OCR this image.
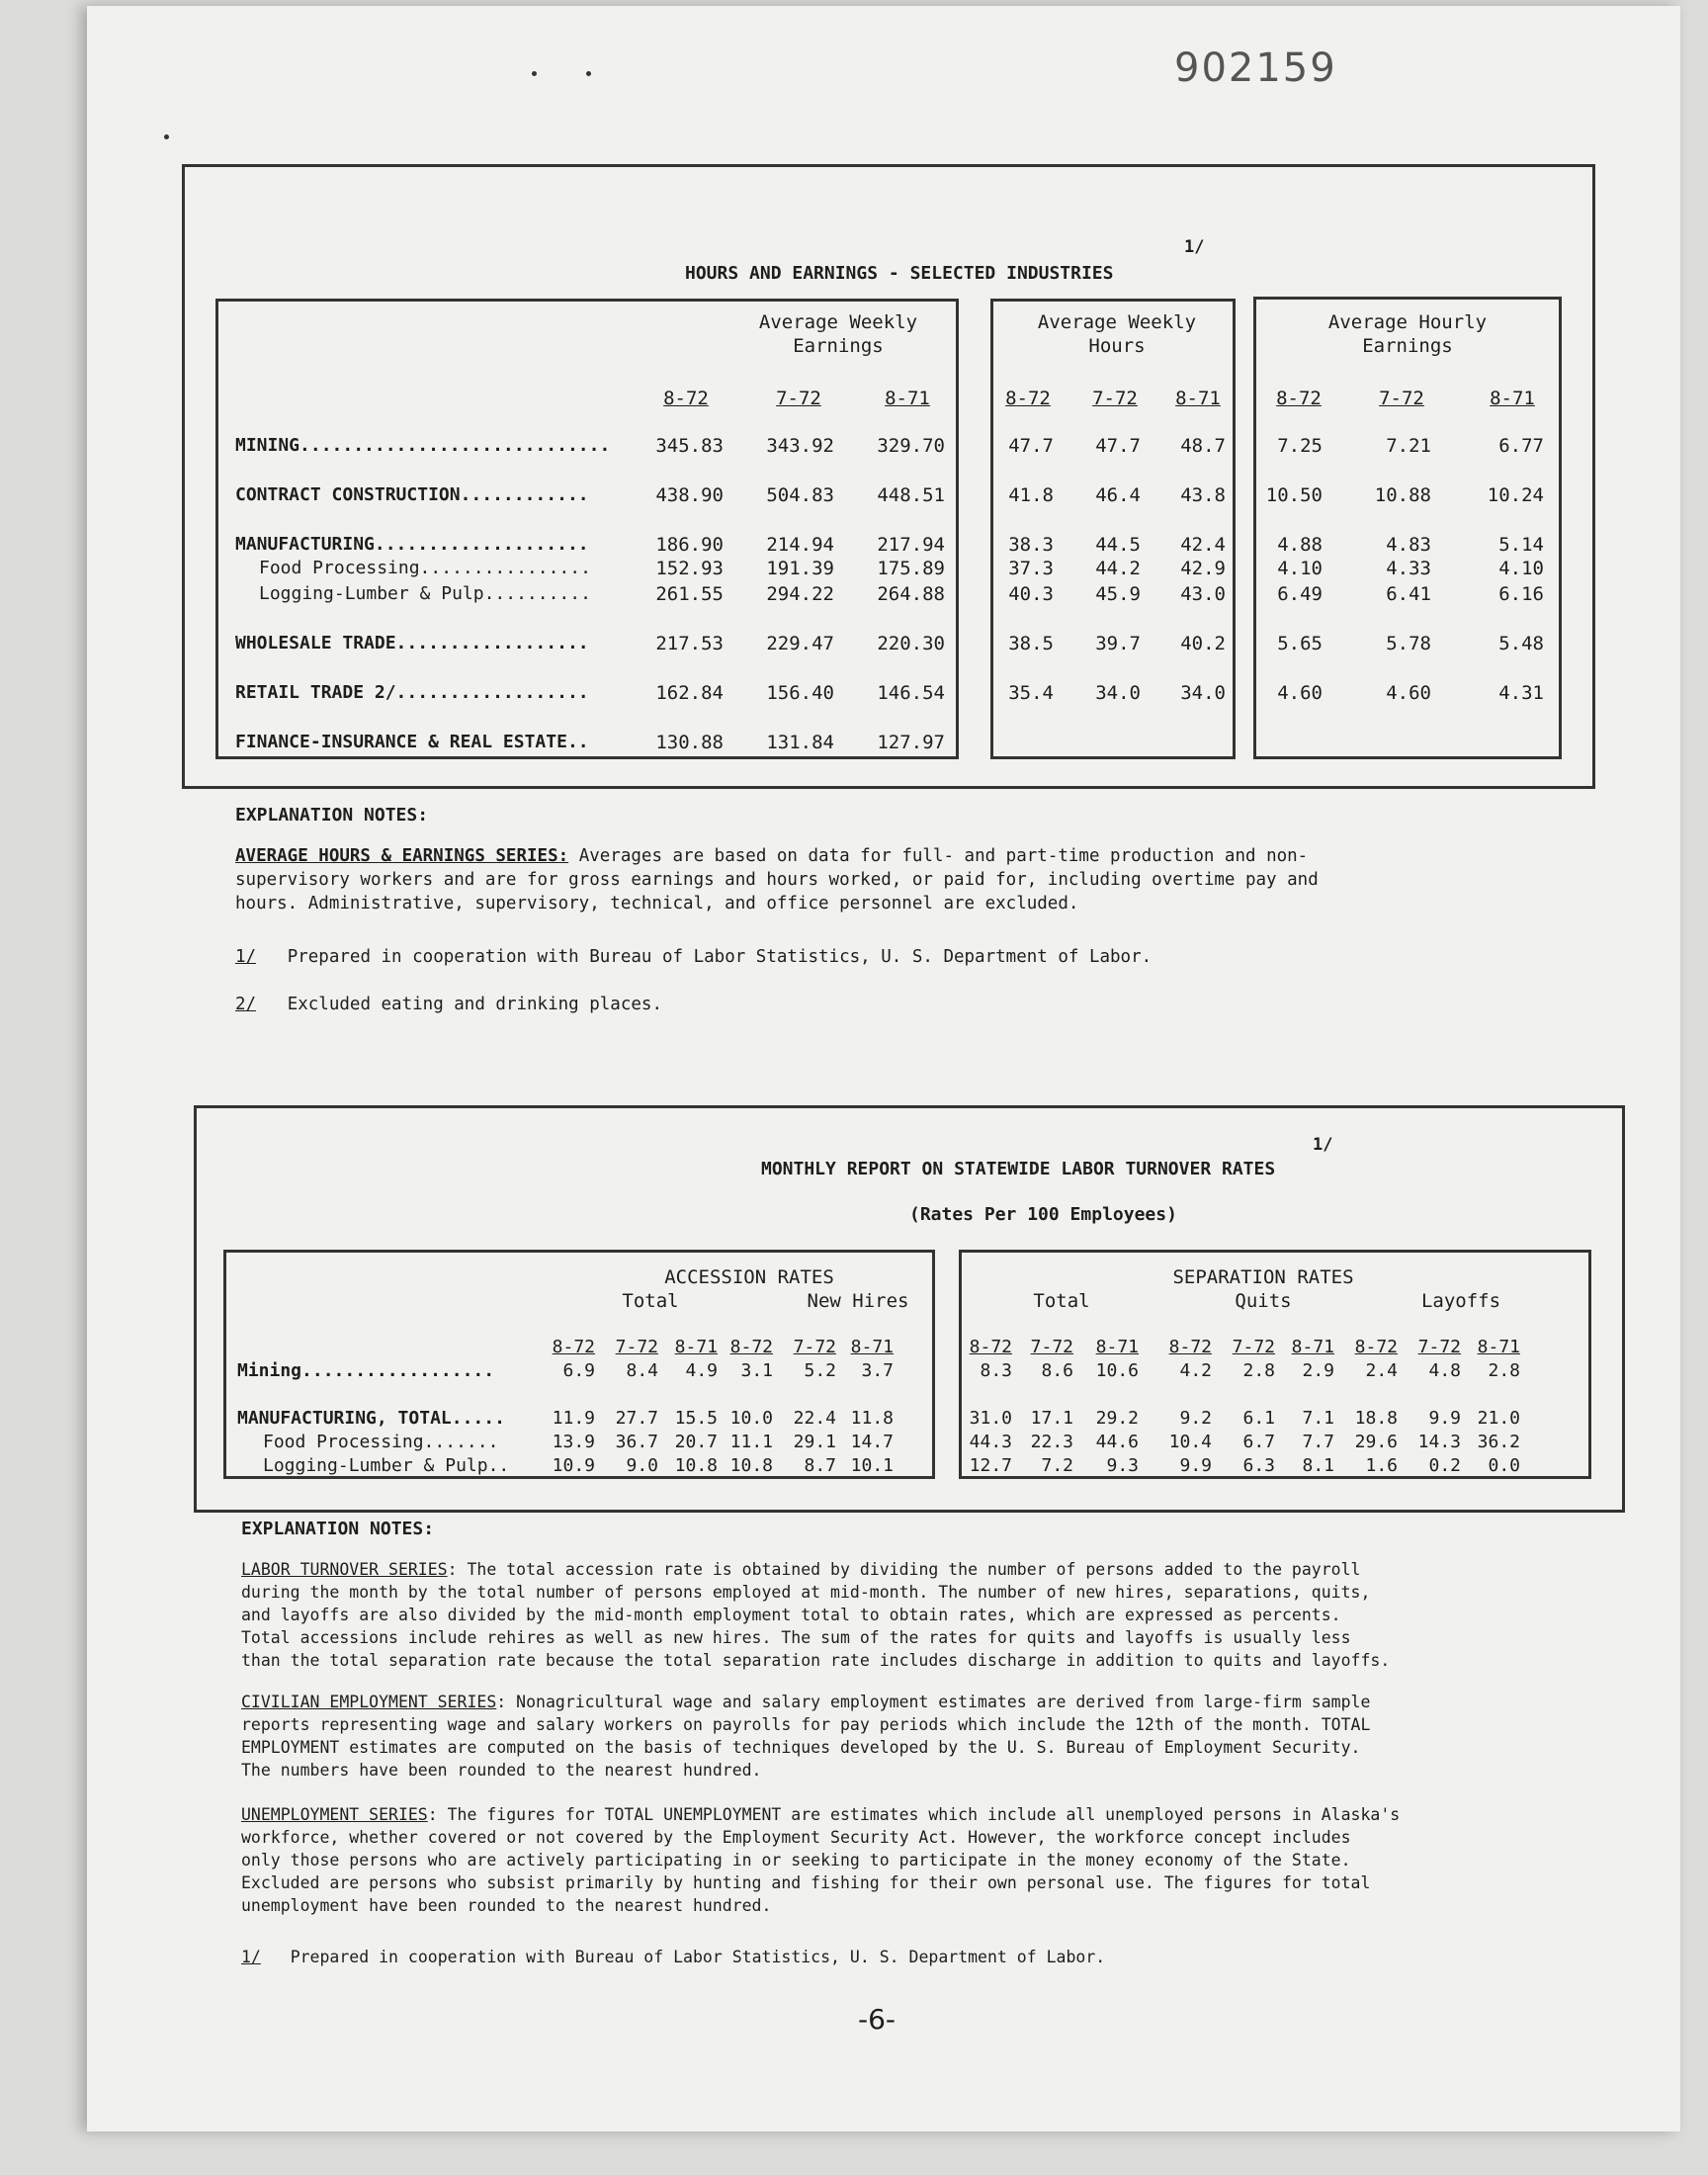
902159
HOURS AND EARNINGS - SELECTED INDUSTRIES
1/
Average Weekly
Earnings
Average Weekly
Hours
Average Hourly
Earnings
8-72	7-72	8-71	8-72	7-72	8-71	8-72	7-72	8-71
MINING.............................	345.83	343.92	329.70	47.7	47.7	48.7	7.25	7.21	6.77
CONTRACT CONSTRUCTION............	438.90	504.83	448.51	41.8	46.4	43.8	10.50	10.88	10.24
MANUFACTURING....................	186.90	214.94	217.94	38.3	44.5	42.4	4.88	4.83	5.14
Food Processing................	152.93	191.39	175.89	37.3	44.2	42.9	4.10	4.33	4.10
Logging-Lumber & Pulp..........	261.55	294.22	264.88	40.3	45.9	43.0	6.49	6.41	6.16
WHOLESALE TRADE..................	217.53	229.47	220.30	38.5	39.7	40.2	5.65	5.78	5.48
RETAIL TRADE 2/..................	162.84	156.40	146.54	35.4	34.0	34.0	4.60	4.60	4.31
FINANCE-INSURANCE & REAL ESTATE..	130.88	131.84	127.97
EXPLANATION NOTES:
AVERAGE HOURS & EARNINGS SERIES: Averages are based on data for full- and part-time production and non-
supervisory workers and are for gross earnings and hours worked, or paid for, including overtime pay and
hours. Administrative, supervisory, technical, and office personnel are excluded.
1/ Prepared in cooperation with Bureau of Labor Statistics, U. S. Department of Labor.
2/ Excluded eating and drinking places.
MONTHLY REPORT ON STATEWIDE LABOR TURNOVER RATES
1/
(Rates Per 100 Employees)
ACCESSION RATES	SEPARATION RATES
Total	New Hires	Total	Quits	Layoffs
8-72	7-72 8-71 8-72	7-72 8-71	8-72	7-72	8-71	8-72	7-72 8-71	8-72	7-72 8-71
Mining..................	6.9	8.4	4.9	3.1	5.2	3.7	8.3	8.6	10.6	4.2	2.8	2.9	2.4	4.8	2.8
MANUFACTURING, TOTAL.....	11.9	27.7 15.5 10.0	22.4 11.8	31.0	17.1	29.2	9.2	6.1	7.1	18.8	9.9 21.0
Food Processing.......	13.9	36.7 20.7 11.1	29.1 14.7	44.3	22.3	44.6	10.4	6.7	7.7	29.6	14.3 36.2
Logging-Lumber & Pulp..	10.9	9.0 10.8 10.8	8.7 10.1	12.7	7.2	9.3	9.9	6.3	8.1	1.6	0.2	0.0
EXPLANATION NOTES:
LABOR TURNOVER SERIES: The total accession rate is obtained by dividing the number of persons added to the payroll
during the month by the total number of persons employed at mid-month. The number of new hires, separations, quits,
and layoffs are also divided by the mid-month employment total to obtain rates, which are expressed as percents.
Total accessions include rehires as well as new hires. The sum of the rates for quits and layoffs is usually less
than the total separation rate because the total separation rate includes discharge in addition to quits and layoffs.
CIVILIAN EMPLOYMENT SERIES: Nonagricultural wage and salary employment estimates are derived from large-firm sample
reports representing wage and salary workers on payrolls for pay periods which include the 12th of the month. TOTAL
EMPLOYMENT estimates are computed on the basis of techniques developed by the U. S. Bureau of Employment Security.
The numbers have been rounded to the nearest hundred.
UNEMPLOYMENT SERIES: The figures for TOTAL UNEMPLOYMENT are estimates which include all unemployed persons in Alaska's
workforce, whether covered or not covered by the Employment Security Act. However, the workforce concept includes
only those persons who are actively participating in or seeking to participate in the money economy of the State.
Excluded are persons who subsist primarily by hunting and fishing for their own personal use. The figures for total
unemployment have been rounded to the nearest hundred.
1/ Prepared in cooperation with Bureau of Labor Statistics, U. S. Department of Labor.
-6-
